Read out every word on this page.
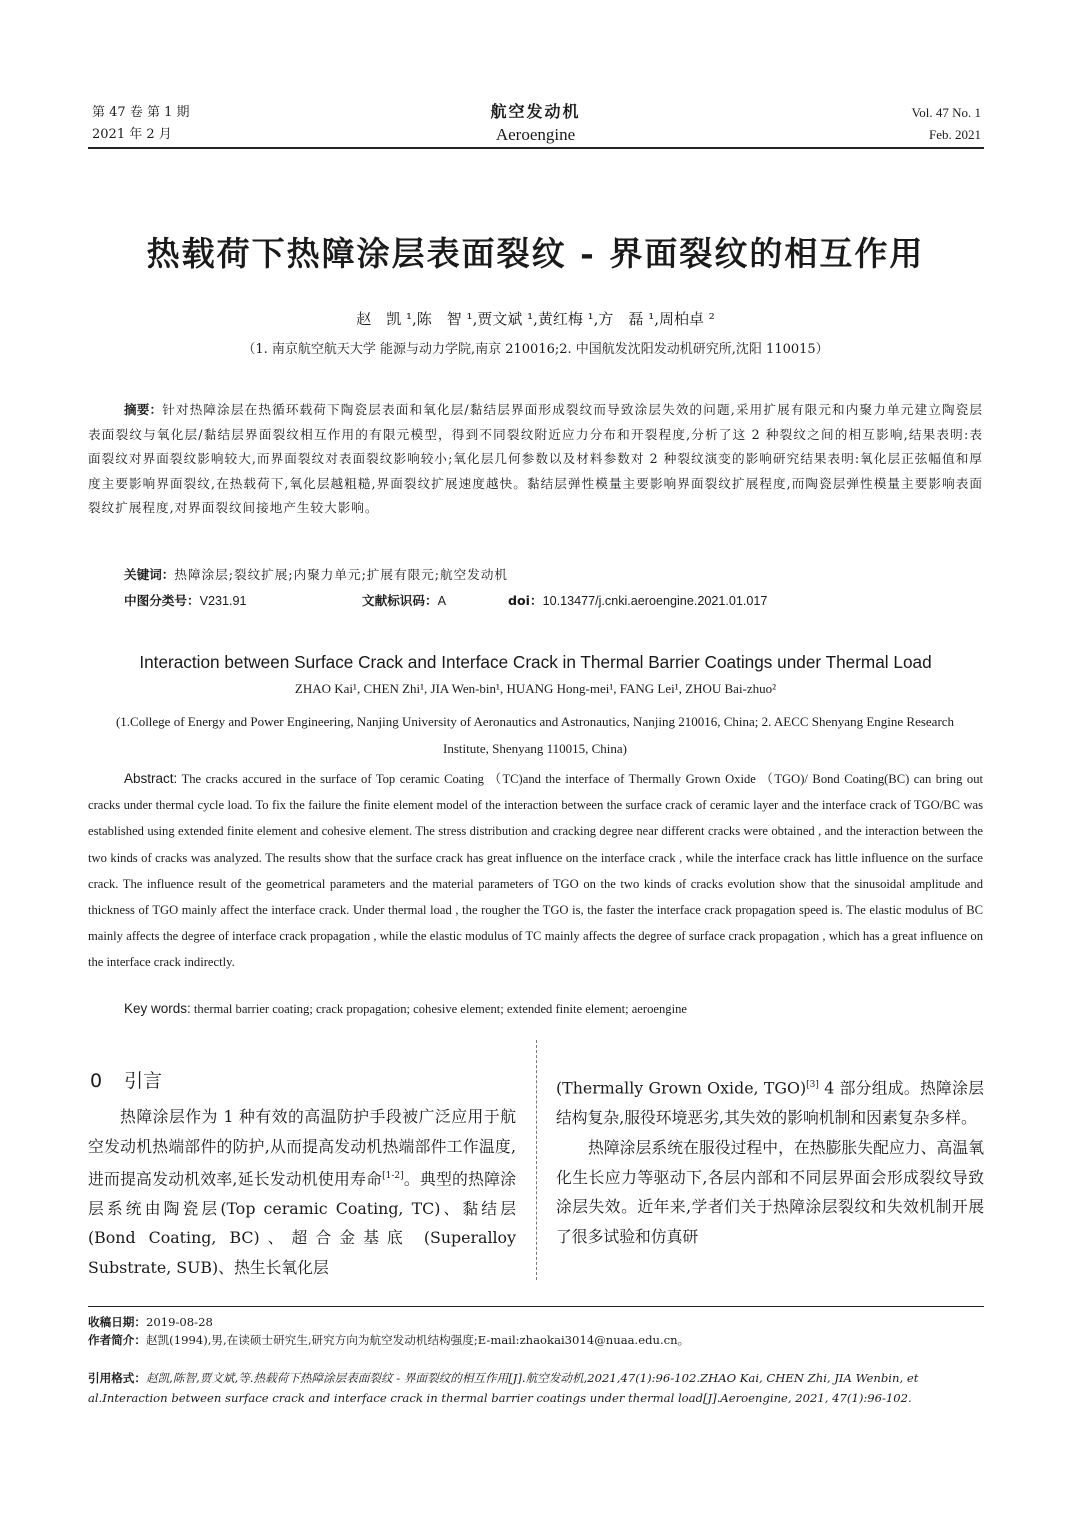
第 47 卷 第 1 期
2021 年 2 月
航空发动机
Aeroengine
Vol. 47 No. 1
Feb. 2021
热载荷下热障涂层表面裂纹 - 界面裂纹的相互作用
赵　凯 ¹,陈　智 ¹,贾文斌 ¹,黄红梅 ¹,方　磊 ¹,周柏卓 ²
（1. 南京航空航天大学 能源与动力学院,南京 210016;2. 中国航发沈阳发动机研究所,沈阳 110015）
摘要：针对热障涂层在热循环载荷下陶瓷层表面和氧化层/黏结层界面形成裂纹而导致涂层失效的问题,采用扩展有限元和内聚力单元建立陶瓷层表面裂纹与氧化层/黏结层界面裂纹相互作用的有限元模型，得到不同裂纹附近应力分布和开裂程度,分析了这 2 种裂纹之间的相互影响,结果表明:表面裂纹对界面裂纹影响较大,而界面裂纹对表面裂纹影响较小;氧化层几何参数以及材料参数对 2 种裂纹演变的影响研究结果表明:氧化层正弦幅值和厚度主要影响界面裂纹,在热载荷下,氧化层越粗糙,界面裂纹扩展速度越快。黏结层弹性模量主要影响界面裂纹扩展程度,而陶瓷层弹性模量主要影响表面裂纹扩展程度,对界面裂纹间接地产生较大影响。
关键词：热障涂层;裂纹扩展;内聚力单元;扩展有限元;航空发动机
中图分类号：V231.91	文献标识码：A	doi：10.13477/j.cnki.aeroengine.2021.01.017
Interaction between Surface Crack and Interface Crack in Thermal Barrier Coatings under Thermal Load
ZHAO Kai¹, CHEN Zhi¹, JIA Wen-bin¹, HUANG Hong-mei¹, FANG Lei¹, ZHOU Bai-zhuo²
(1.College of Energy and Power Engineering, Nanjing University of Aeronautics and Astronautics, Nanjing 210016, China; 2. AECC Shenyang Engine Research Institute, Shenyang 110015, China)
Abstract: The cracks accured in the surface of Top ceramic Coating （TC)and the interface of Thermally Grown Oxide （TGO)/ Bond Coating(BC) can bring out cracks under thermal cycle load. To fix the failure the finite element model of the interaction between the surface crack of ceramic layer and the interface crack of TGO/BC was established using extended finite element and cohesive element. The stress distribution and cracking degree near different cracks were obtained , and the interaction between the two kinds of cracks was analyzed. The results show that the surface crack has great influence on the interface crack , while the interface crack has little influence on the surface crack. The influence result of the geometrical parameters and the material parameters of TGO on the two kinds of cracks evolution show that the sinusoidal amplitude and thickness of TGO mainly affect the interface crack. Under thermal load , the rougher the TGO is, the faster the interface crack propagation speed is. The elastic modulus of BC mainly affects the degree of interface crack propagation , while the elastic modulus of TC mainly affects the degree of surface crack propagation , which has a great influence on the interface crack indirectly.
Key words: thermal barrier coating; crack propagation; cohesive element; extended finite element; aeroengine
0 引言

热障涂层作为 1 种有效的高温防护手段被广泛应用于航空发动机热端部件的防护,从而提高发动机热端部件工作温度,进而提高发动机效率,延长发动机使用寿命[1-2]。典型的热障涂层系统由陶瓷层(Top ceramic Coating, TC)、黏结层(Bond Coating, BC)、超合金基底 (Superalloy Substrate, SUB)、热生长氧化层

(Thermally Grown Oxide, TGO)[3] 4 部分组成。热障涂层结构复杂,服役环境恶劣,其失效的影响机制和因素复杂多样。

热障涂层系统在服役过程中，在热膨胀失配应力、高温氧化生长应力等驱动下,各层内部和不同层界面会形成裂纹导致涂层失效。近年来,学者们关于热障涂层裂纹和失效机制开展了很多试验和仿真研

收稿日期：2019-08-28
作者简介：赵凯(1994),男,在读硕士研究生,研究方向为航空发动机结构强度;E-mail:zhaokai3014@nuaa.edu.cn。
引用格式：赵凯,陈智,贾文斌,等.热载荷下热障涂层表面裂纹 - 界面裂纹的相互作用[J].航空发动机,2021,47(1):96-102.ZHAO Kai, CHEN Zhi, JIA Wenbin, et al.Interaction between surface crack and interface crack in thermal barrier coatings under thermal load[J].Aeroengine, 2021, 47(1):96-102.
